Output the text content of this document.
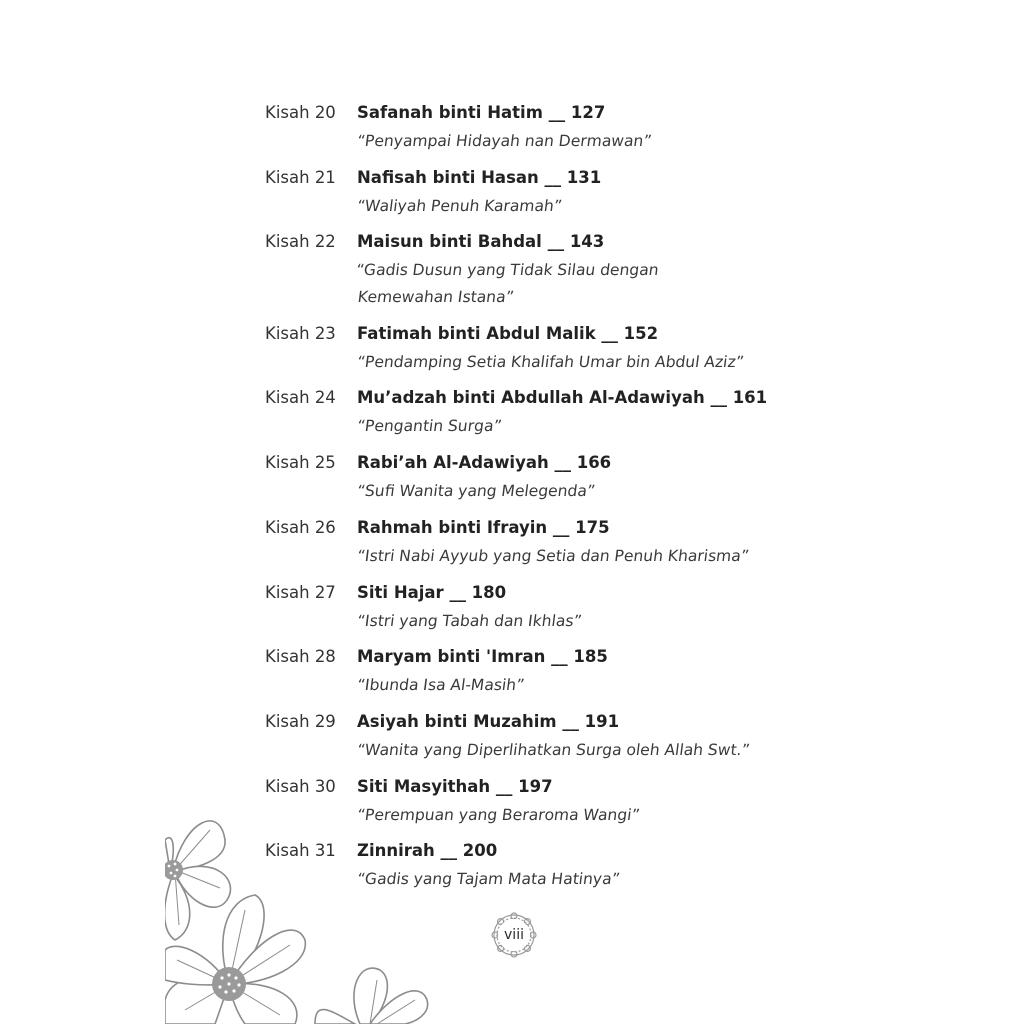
Kisah 20	Safanah binti Hatim __ 127
“Penyampai Hidayah nan Dermawan”
Kisah 21	Nafisah binti Hasan __ 131
“Waliyah Penuh Karamah”
Kisah 22	Maisun binti Bahdal __ 143
“Gadis Dusun yang Tidak Silau dengan
Kemewahan Istana”
Kisah 23	Fatimah binti Abdul Malik __ 152
“Pendamping Setia Khalifah Umar bin Abdul Aziz”
Kisah 24	Mu’adzah binti Abdullah Al-Adawiyah __ 161
“Pengantin Surga”
Kisah 25	Rabi’ah Al-Adawiyah __ 166
“Sufi Wanita yang Melegenda”
Kisah 26	Rahmah binti Ifrayin __ 175
“Istri Nabi Ayyub yang Setia dan Penuh Kharisma”
Kisah 27	Siti Hajar __ 180
“Istri yang Tabah dan Ikhlas”
Kisah 28	Maryam binti 'Imran __ 185
“Ibunda Isa Al-Masih”
Kisah 29	Asiyah binti Muzahim __ 191
“Wanita yang Diperlihatkan Surga oleh Allah Swt.”
Kisah 30	Siti Masyithah __ 197
“Perempuan yang Beraroma Wangi”
Kisah 31	Zinnirah __ 200
“Gadis yang Tajam Mata Hatinya”
viii
